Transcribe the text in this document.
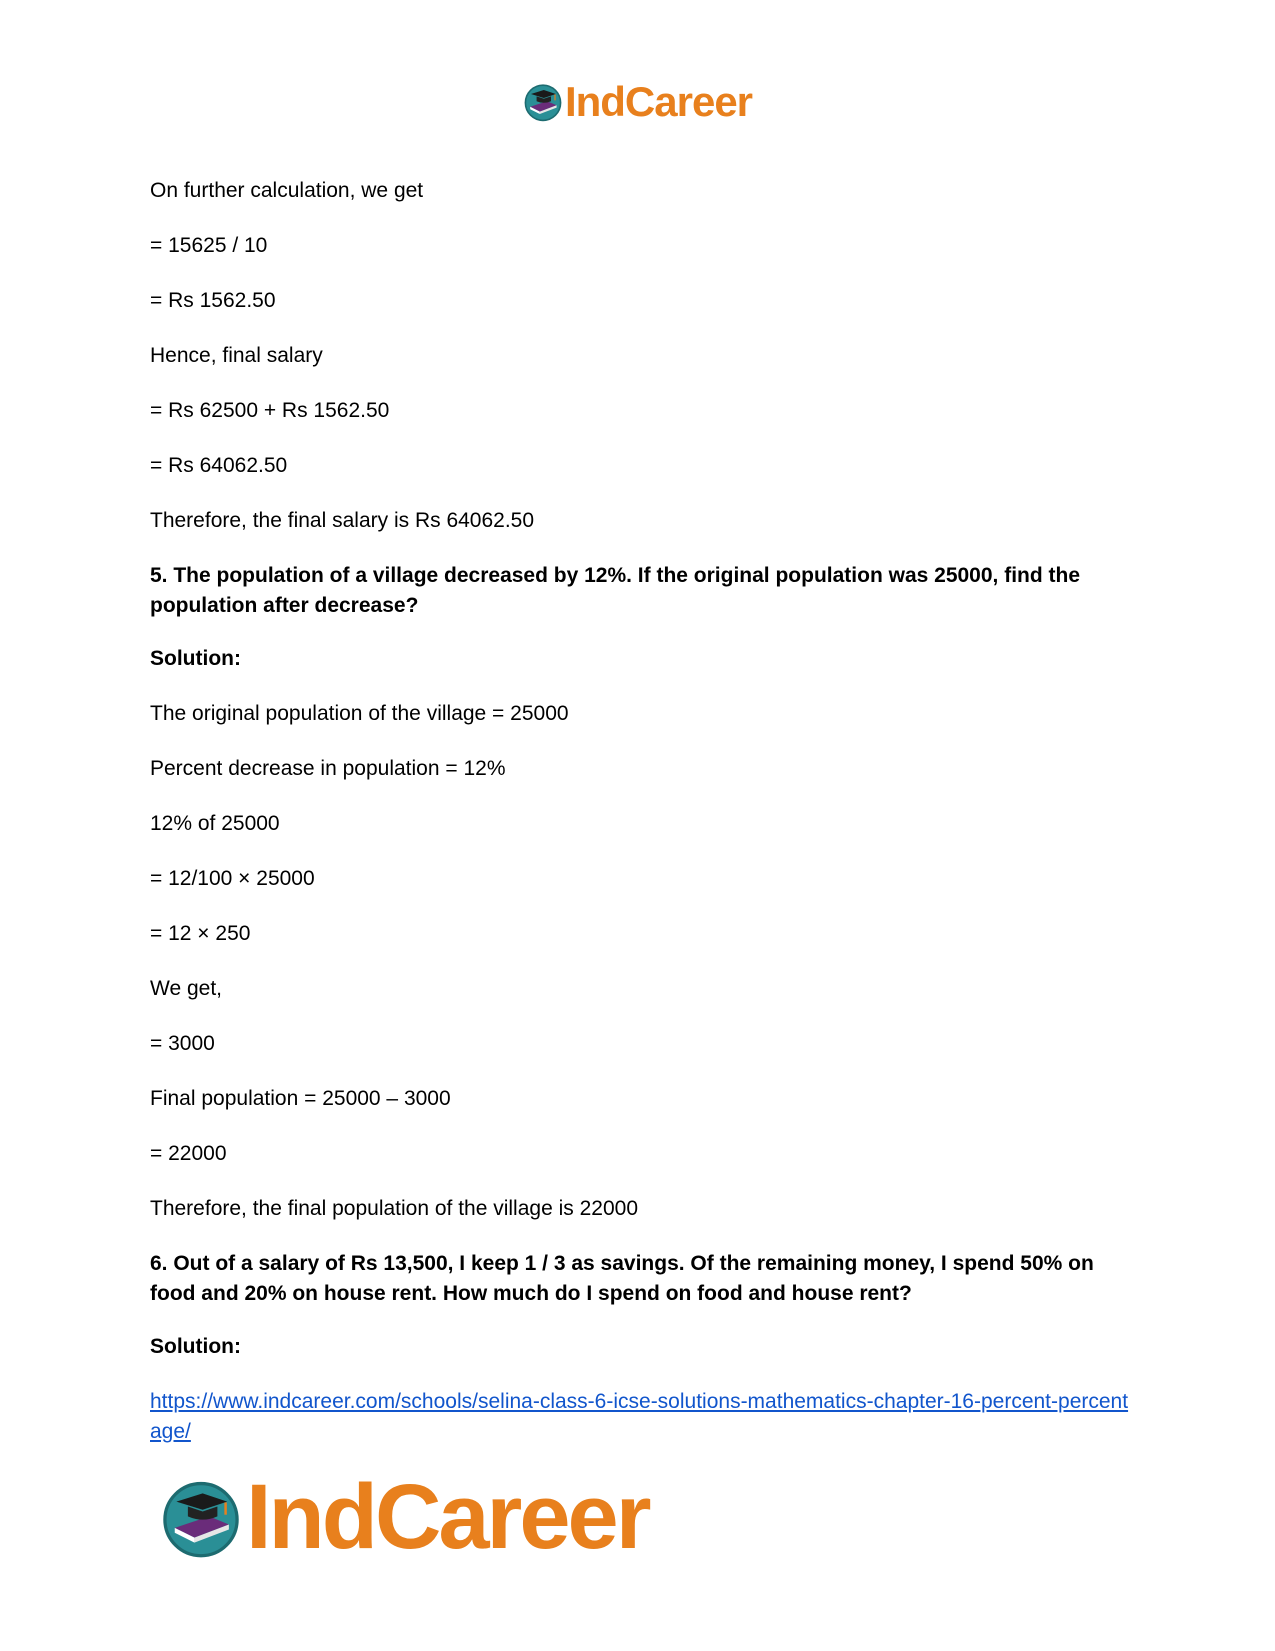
IndCareer

On further calculation, we get

= 15625 / 10

= Rs 1562.50

Hence, final salary

= Rs 62500 + Rs 1562.50

= Rs 64062.50

Therefore, the final salary is Rs 64062.50

5. The population of a village decreased by 12%. If the original population was 25000, find the population after decrease?

Solution:

The original population of the village = 25000

Percent decrease in population = 12%

12% of 25000

= 12/100 × 25000

= 12 × 250

We get,

= 3000

Final population = 25000 – 3000

= 22000

Therefore, the final population of the village is 22000

6. Out of a salary of Rs 13,500, I keep 1 / 3 as savings. Of the remaining money, I spend 50% on food and 20% on house rent. How much do I spend on food and house rent?

Solution:

https://www.indcareer.com/schools/selina-class-6-icse-solutions-mathematics-chapter-16-percent-percentage/
IndCareer
